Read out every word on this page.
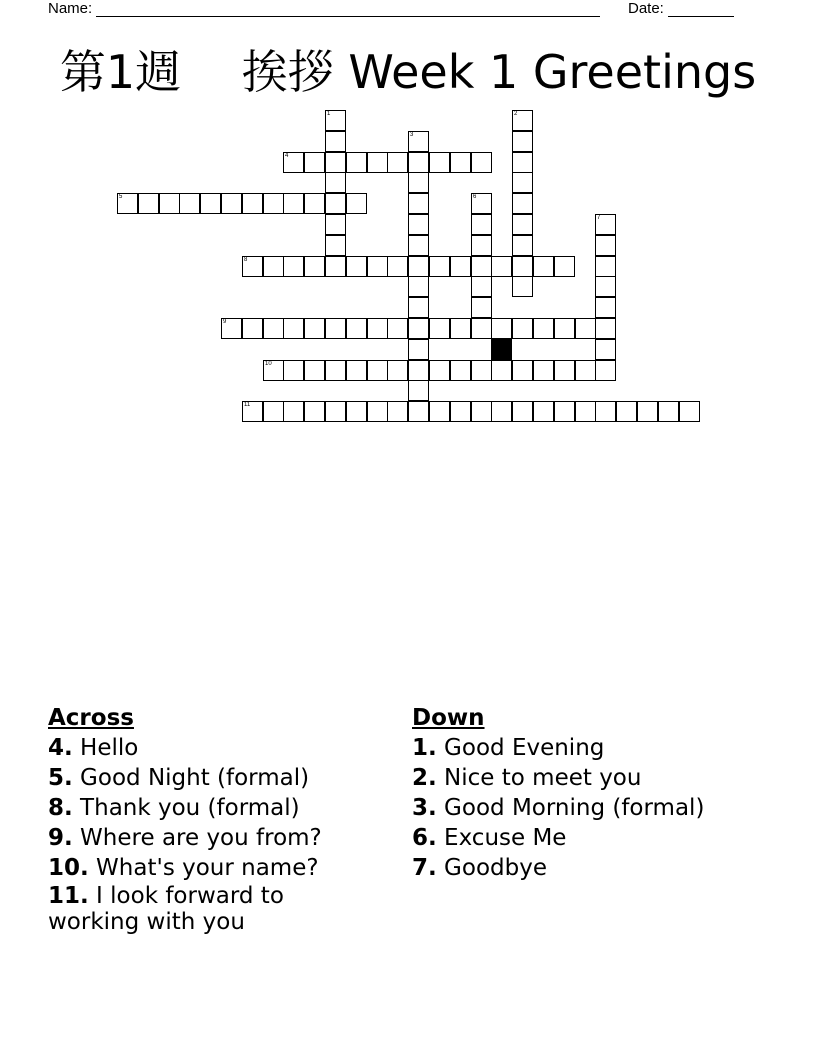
Name:	Date:
第1週　 挨拶 Week 1 Greetings
1	2
3
4
5	6
7
8
9
10
11
Across
4. Hello
5. Good Night (formal)
8. Thank you (formal)
9. Where are you from?
10. What's your name?
11. I look forward to working with you
Down
1. Good Evening
2. Nice to meet you
3. Good Morning (formal)
6. Excuse Me
7. Goodbye
